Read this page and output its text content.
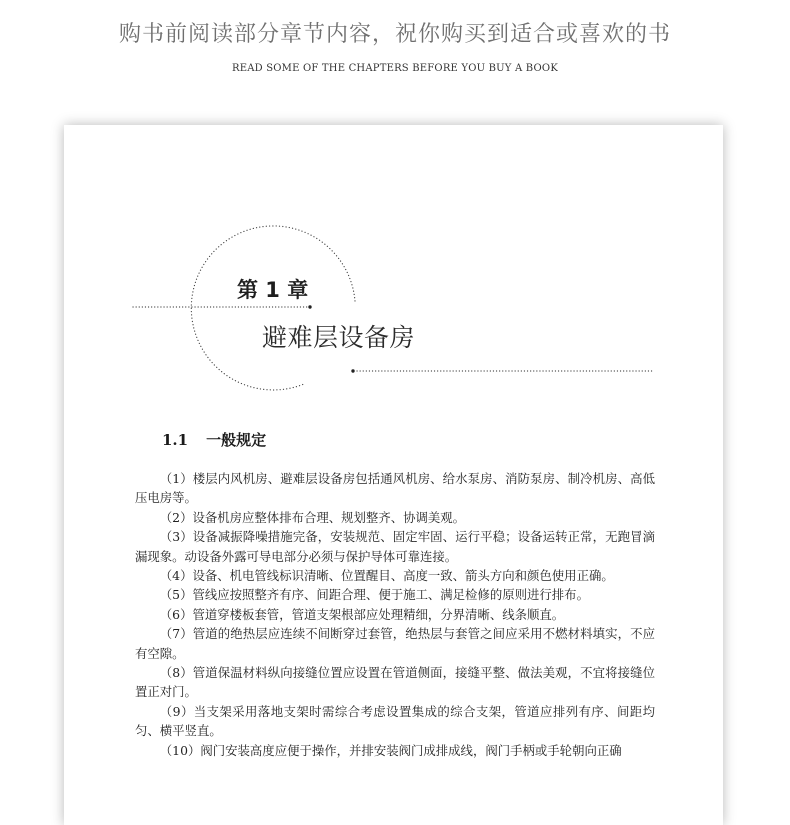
购书前阅读部分章节内容，祝你购买到适合或喜欢的书
READ SOME OF THE CHAPTERS BEFORE YOU BUY A BOOK
第 1 章
避难层设备房
1.1 一般规定

（1）楼层内风机房、避难层设备房包括通风机房、给水泵房、消防泵房、制冷机房、高低压电房等。

（2）设备机房应整体排布合理、规划整齐、协调美观。

（3）设备减振降噪措施完备，安装规范、固定牢固、运行平稳；设备运转正常，无跑冒滴漏现象。动设备外露可导电部分必须与保护导体可靠连接。

（4）设备、机电管线标识清晰、位置醒目、高度一致、箭头方向和颜色使用正确。

（5）管线应按照整齐有序、间距合理、便于施工、满足检修的原则进行排布。

（6）管道穿楼板套管，管道支架根部应处理精细，分界清晰、线条顺直。

（7）管道的绝热层应连续不间断穿过套管，绝热层与套管之间应采用不燃材料填实，不应有空隙。

（8）管道保温材料纵向接缝位置应设置在管道侧面，接缝平整、做法美观，不宜将接缝位置正对门。

（9）当支架采用落地支架时需综合考虑设置集成的综合支架，管道应排列有序、间距均匀、横平竖直。

（10）阀门安装高度应便于操作，并排安装阀门成排成线，阀门手柄或手轮朝向正确
